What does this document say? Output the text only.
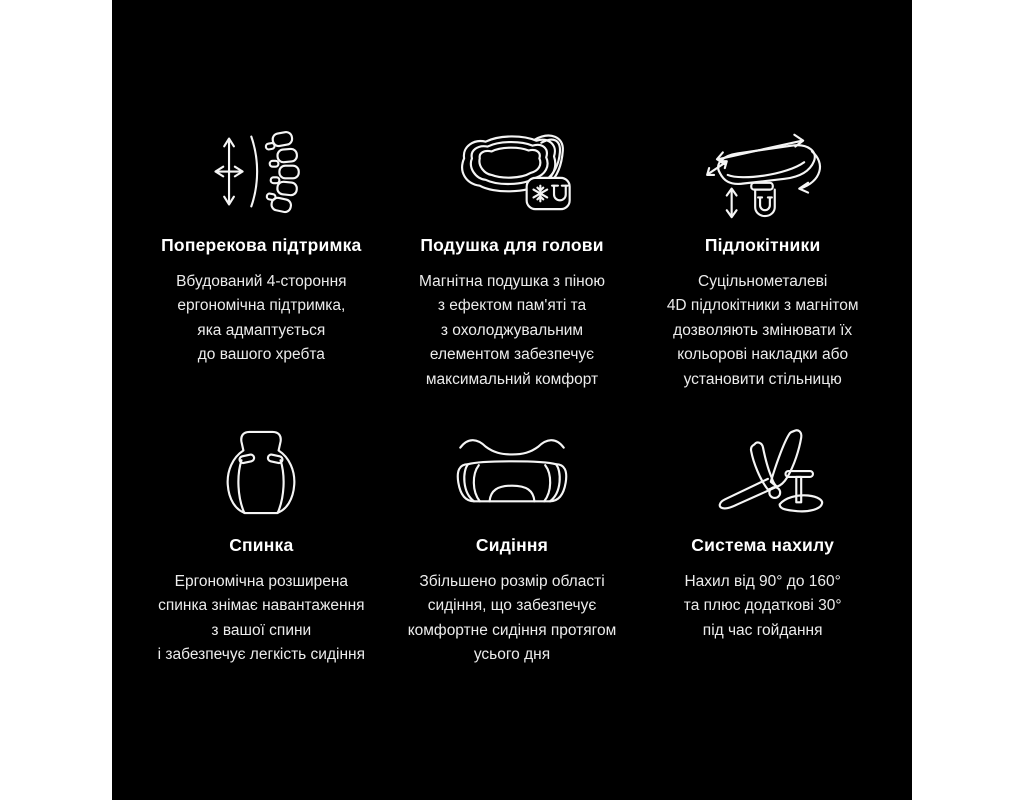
Поперекова підтримка
Вбудований 4-стороння
ергономічна підтримка,
яка адмаптується
до вашого хребта
Подушка для голови
Магнітна подушка з піною
з ефектом пам'яті та
з охолоджувальним
елементом забезпечує
максимальний комфорт
Підлокітники
Суцільнометалеві
4D підлокітники з магнітом
дозволяють змінювати їх
кольорові накладки або
установити стільницю
Спинка
Ергономічна розширена
спинка знімає навантаження
з вашої спини
і забезпечує легкість сидіння
Сидіння
Збільшено розмір області
сидіння, що забезпечує
комфортне сидіння протягом
усього дня
Система нахилу
Нахил від 90° до 160°
та плюс додаткові 30°
під час гойдання
